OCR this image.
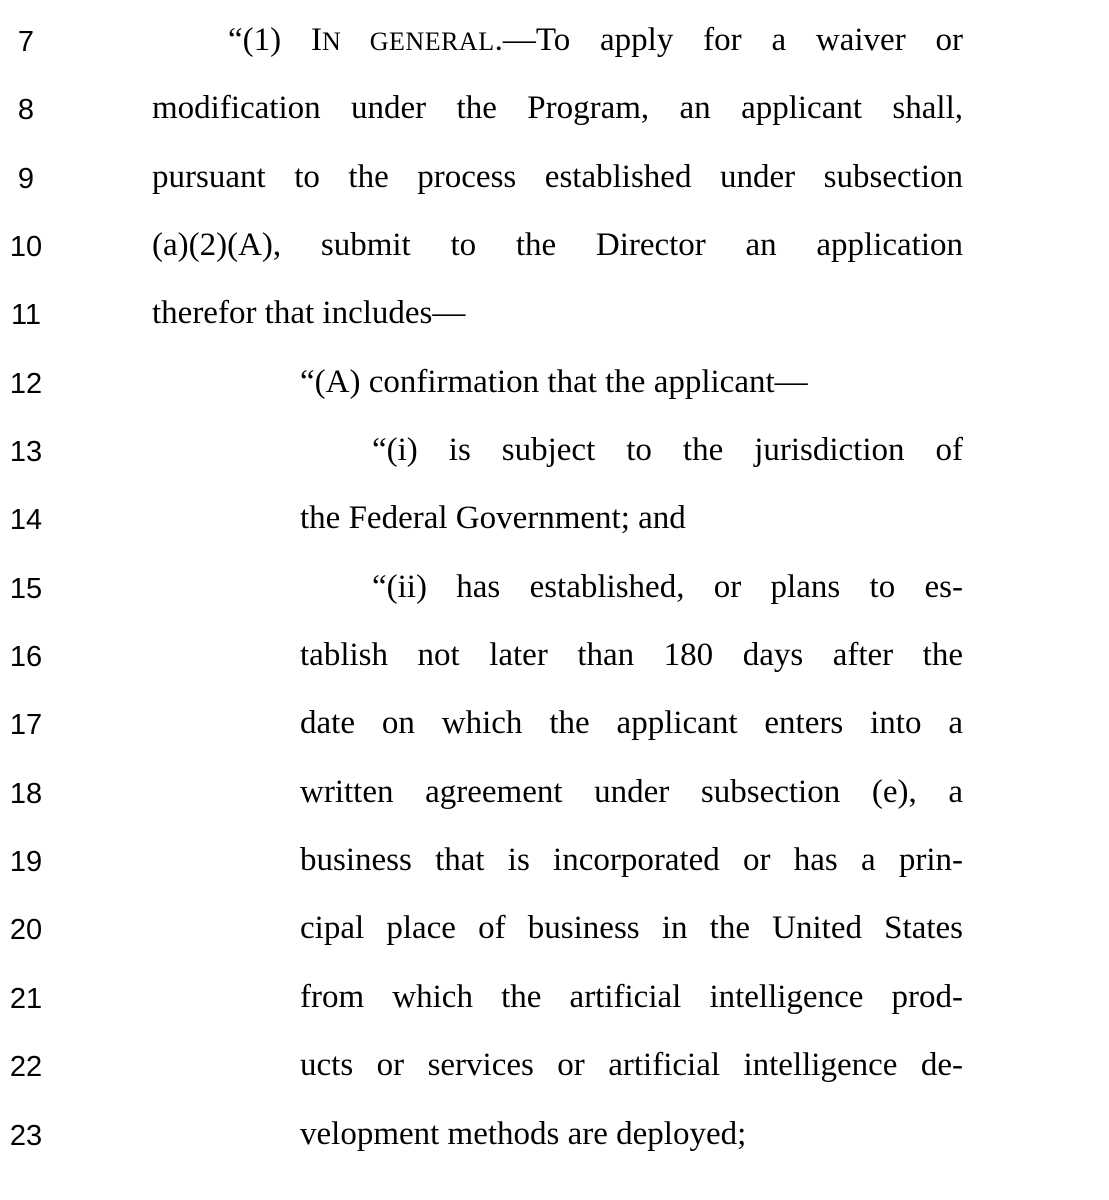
7	“(1) IN GENERAL.—To apply for a waiver or
8	modification under the Program, an applicant shall,
9	pursuant to the process established under subsection
10	(a)(2)(A), submit to the Director an application
11	therefor that includes—
12	“(A) confirmation that the applicant—
13	“(i) is subject to the jurisdiction of
14	the Federal Government; and
15	“(ii) has established, or plans to es-
16	tablish not later than 180 days after the
17	date on which the applicant enters into a
18	written agreement under subsection (e), a
19	business that is incorporated or has a prin-
20	cipal place of business in the United States
21	from which the artificial intelligence prod-
22	ucts or services or artificial intelligence de-
23	velopment methods are deployed;
